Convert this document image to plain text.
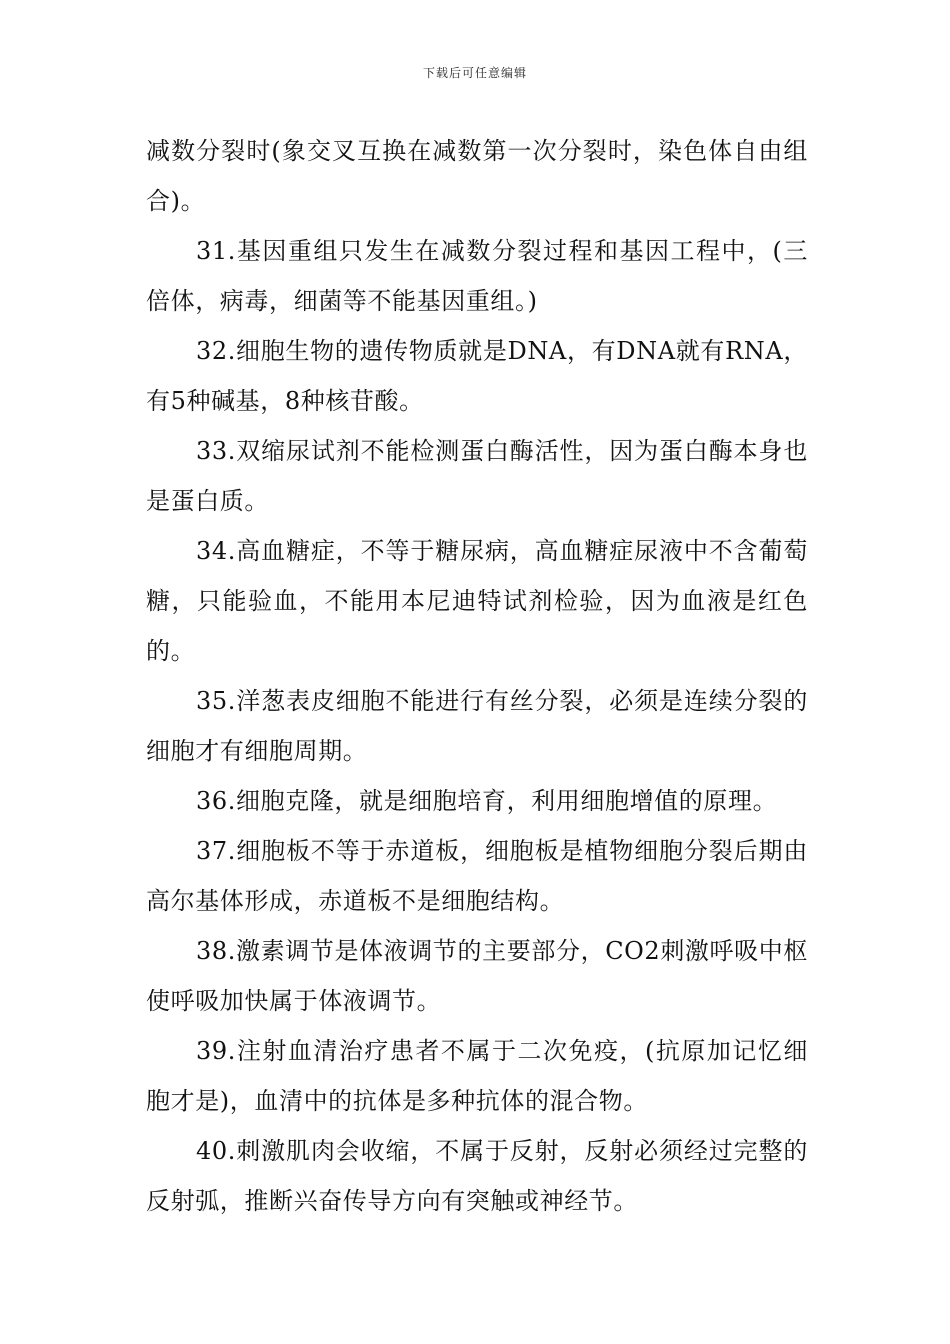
下载后可任意编辑

减数分裂时(象交叉互换在减数第一次分裂时，染色体自由组合)。

31.基因重组只发生在减数分裂过程和基因工程中，(三倍体，病毒，细菌等不能基因重组。)

32.细胞生物的遗传物质就是DNA，有DNA就有RNA，有5种碱基，8种核苷酸。

33.双缩尿试剂不能检测蛋白酶活性，因为蛋白酶本身也是蛋白质。

34.高血糖症，不等于糖尿病，高血糖症尿液中不含葡萄糖，只能验血，不能用本尼迪特试剂检验，因为血液是红色的。

35.洋葱表皮细胞不能进行有丝分裂，必须是连续分裂的细胞才有细胞周期。

36.细胞克隆，就是细胞培育，利用细胞增值的原理。

37.细胞板不等于赤道板，细胞板是植物细胞分裂后期由高尔基体形成，赤道板不是细胞结构。

38.激素调节是体液调节的主要部分，CO2刺激呼吸中枢使呼吸加快属于体液调节。

39.注射血清治疗患者不属于二次免疫，(抗原加记忆细胞才是)，血清中的抗体是多种抗体的混合物。

40.刺激肌肉会收缩，不属于反射，反射必须经过完整的反射弧，推断兴奋传导方向有突触或神经节。
